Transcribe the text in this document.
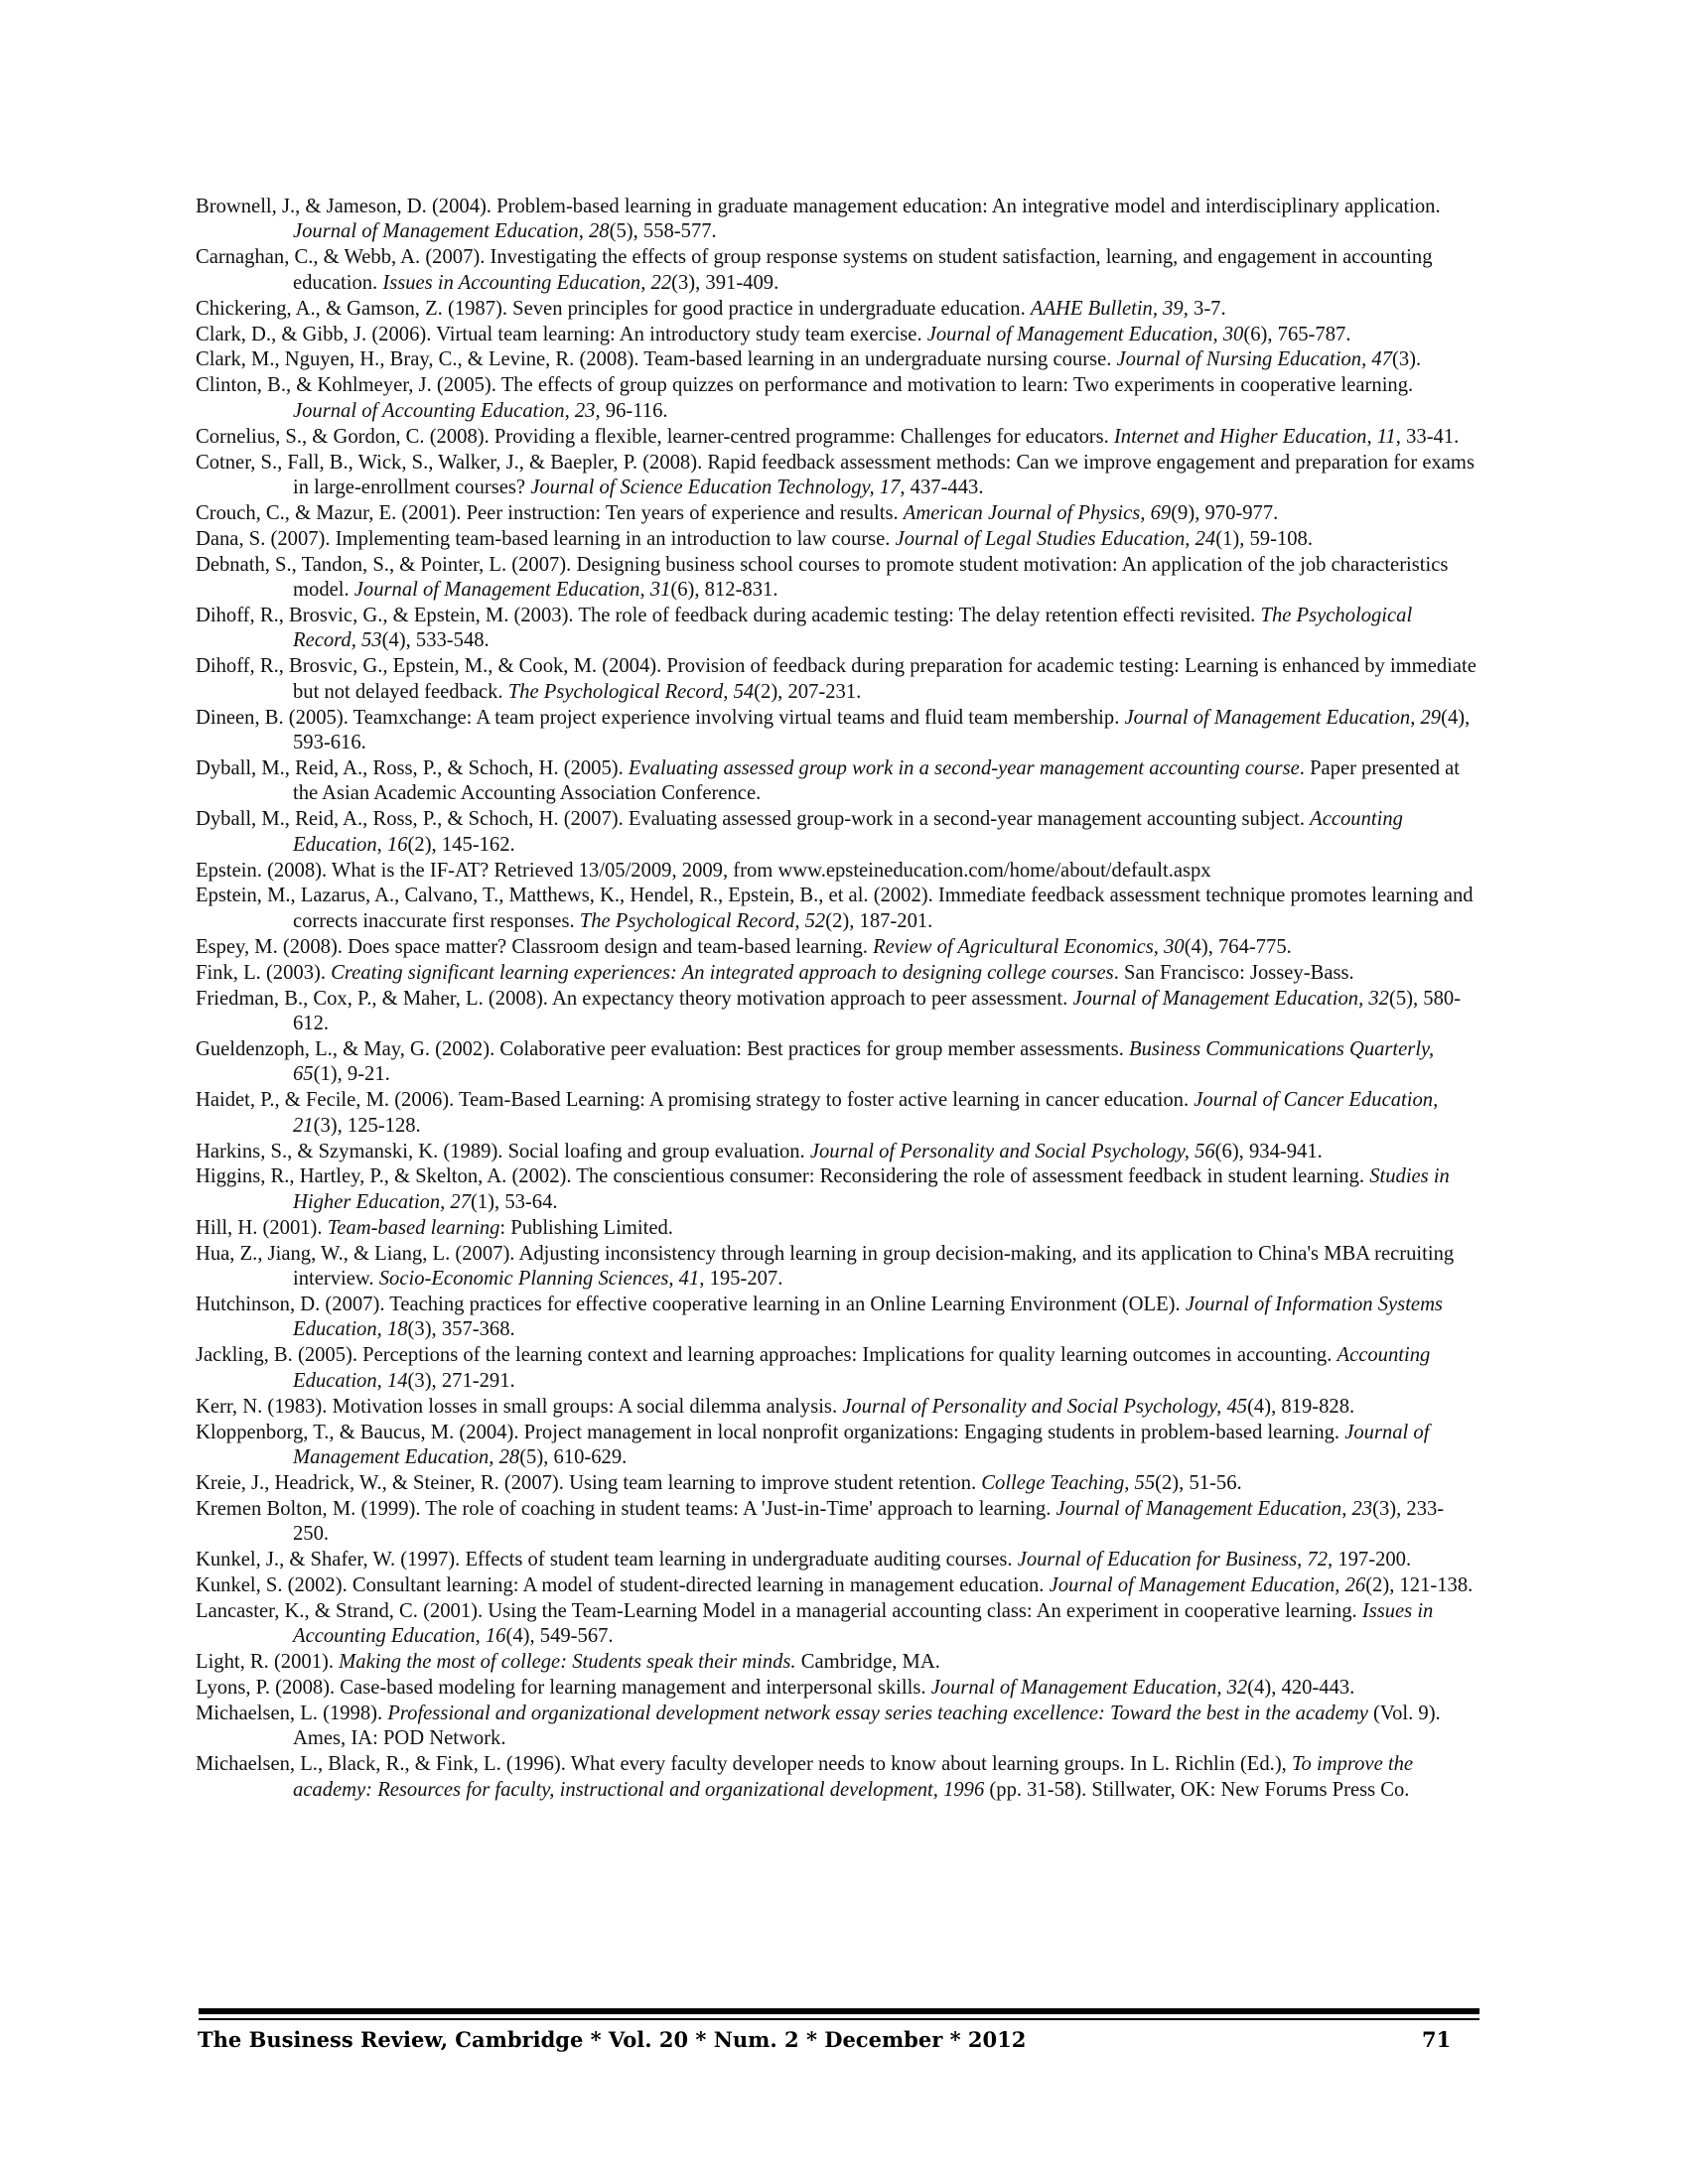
Brownell, J., & Jameson, D. (2004). Problem-based learning in graduate management education: An integrative model and interdisciplinary application. Journal of Management Education, 28(5), 558-577.

Carnaghan, C., & Webb, A. (2007). Investigating the effects of group response systems on student satisfaction, learning, and engagement in accounting education. Issues in Accounting Education, 22(3), 391-409.

Chickering, A., & Gamson, Z. (1987). Seven principles for good practice in undergraduate education. AAHE Bulletin, 39, 3-7.

Clark, D., & Gibb, J. (2006). Virtual team learning: An introductory study team exercise. Journal of Management Education, 30(6), 765-787.

Clark, M., Nguyen, H., Bray, C., & Levine, R. (2008). Team-based learning in an undergraduate nursing course. Journal of Nursing Education, 47(3).

Clinton, B., & Kohlmeyer, J. (2005). The effects of group quizzes on performance and motivation to learn: Two experiments in cooperative learning. Journal of Accounting Education, 23, 96-116.

Cornelius, S., & Gordon, C. (2008). Providing a flexible, learner-centred programme: Challenges for educators. Internet and Higher Education, 11, 33-41.

Cotner, S., Fall, B., Wick, S., Walker, J., & Baepler, P. (2008). Rapid feedback assessment methods: Can we improve engagement and preparation for exams in large-enrollment courses? Journal of Science Education Technology, 17, 437-443.

Crouch, C., & Mazur, E. (2001). Peer instruction: Ten years of experience and results. American Journal of Physics, 69(9), 970-977.

Dana, S. (2007). Implementing team-based learning in an introduction to law course. Journal of Legal Studies Education, 24(1), 59-108.

Debnath, S., Tandon, S., & Pointer, L. (2007). Designing business school courses to promote student motivation: An application of the job characteristics model. Journal of Management Education, 31(6), 812-831.

Dihoff, R., Brosvic, G., & Epstein, M. (2003). The role of feedback during academic testing: The delay retention effecti revisited. The Psychological Record, 53(4), 533-548.

Dihoff, R., Brosvic, G., Epstein, M., & Cook, M. (2004). Provision of feedback during preparation for academic testing: Learning is enhanced by immediate but not delayed feedback. The Psychological Record, 54(2), 207-231.

Dineen, B. (2005). Teamxchange: A team project experience involving virtual teams and fluid team membership. Journal of Management Education, 29(4), 593-616.

Dyball, M., Reid, A., Ross, P., & Schoch, H. (2005). Evaluating assessed group work in a second-year management accounting course. Paper presented at the Asian Academic Accounting Association Conference.

Dyball, M., Reid, A., Ross, P., & Schoch, H. (2007). Evaluating assessed group-work in a second-year management accounting subject. Accounting Education, 16(2), 145-162.

Epstein. (2008). What is the IF-AT? Retrieved 13/05/2009, 2009, from www.epsteineducation.com/home/about/default.aspx

Epstein, M., Lazarus, A., Calvano, T., Matthews, K., Hendel, R., Epstein, B., et al. (2002). Immediate feedback assessment technique promotes learning and corrects inaccurate first responses. The Psychological Record, 52(2), 187-201.

Espey, M. (2008). Does space matter? Classroom design and team-based learning. Review of Agricultural Economics, 30(4), 764-775.

Fink, L. (2003). Creating significant learning experiences: An integrated approach to designing college courses. San Francisco: Jossey-Bass.

Friedman, B., Cox, P., & Maher, L. (2008). An expectancy theory motivation approach to peer assessment. Journal of Management Education, 32(5), 580-612.

Gueldenzoph, L., & May, G. (2002). Colaborative peer evaluation: Best practices for group member assessments. Business Communications Quarterly, 65(1), 9-21.

Haidet, P., & Fecile, M. (2006). Team-Based Learning: A promising strategy to foster active learning in cancer education. Journal of Cancer Education, 21(3), 125-128.

Harkins, S., & Szymanski, K. (1989). Social loafing and group evaluation. Journal of Personality and Social Psychology, 56(6), 934-941.

Higgins, R., Hartley, P., & Skelton, A. (2002). The conscientious consumer: Reconsidering the role of assessment feedback in student learning. Studies in Higher Education, 27(1), 53-64.

Hill, H. (2001). Team-based learning: Publishing Limited.

Hua, Z., Jiang, W., & Liang, L. (2007). Adjusting inconsistency through learning in group decision-making, and its application to China's MBA recruiting interview. Socio-Economic Planning Sciences, 41, 195-207.

Hutchinson, D. (2007). Teaching practices for effective cooperative learning in an Online Learning Environment (OLE). Journal of Information Systems Education, 18(3), 357-368.

Jackling, B. (2005). Perceptions of the learning context and learning approaches: Implications for quality learning outcomes in accounting. Accounting Education, 14(3), 271-291.

Kerr, N. (1983). Motivation losses in small groups: A social dilemma analysis. Journal of Personality and Social Psychology, 45(4), 819-828.

Kloppenborg, T., & Baucus, M. (2004). Project management in local nonprofit organizations: Engaging students in problem-based learning. Journal of Management Education, 28(5), 610-629.

Kreie, J., Headrick, W., & Steiner, R. (2007). Using team learning to improve student retention. College Teaching, 55(2), 51-56.

Kremen Bolton, M. (1999). The role of coaching in student teams: A 'Just-in-Time' approach to learning. Journal of Management Education, 23(3), 233-250.

Kunkel, J., & Shafer, W. (1997). Effects of student team learning in undergraduate auditing courses. Journal of Education for Business, 72, 197-200.

Kunkel, S. (2002). Consultant learning: A model of student-directed learning in management education. Journal of Management Education, 26(2), 121-138.

Lancaster, K., & Strand, C. (2001). Using the Team-Learning Model in a managerial accounting class: An experiment in cooperative learning. Issues in Accounting Education, 16(4), 549-567.

Light, R. (2001). Making the most of college: Students speak their minds. Cambridge, MA.

Lyons, P. (2008). Case-based modeling for learning management and interpersonal skills. Journal of Management Education, 32(4), 420-443.

Michaelsen, L. (1998). Professional and organizational development network essay series teaching excellence: Toward the best in the academy (Vol. 9). Ames, IA: POD Network.

Michaelsen, L., Black, R., & Fink, L. (1996). What every faculty developer needs to know about learning groups. In L. Richlin (Ed.), To improve the academy: Resources for faculty, instructional and organizational development, 1996 (pp. 31-58). Stillwater, OK: New Forums Press Co.

The Business Review, Cambridge * Vol. 20 * Num. 2 * December * 2012	71
